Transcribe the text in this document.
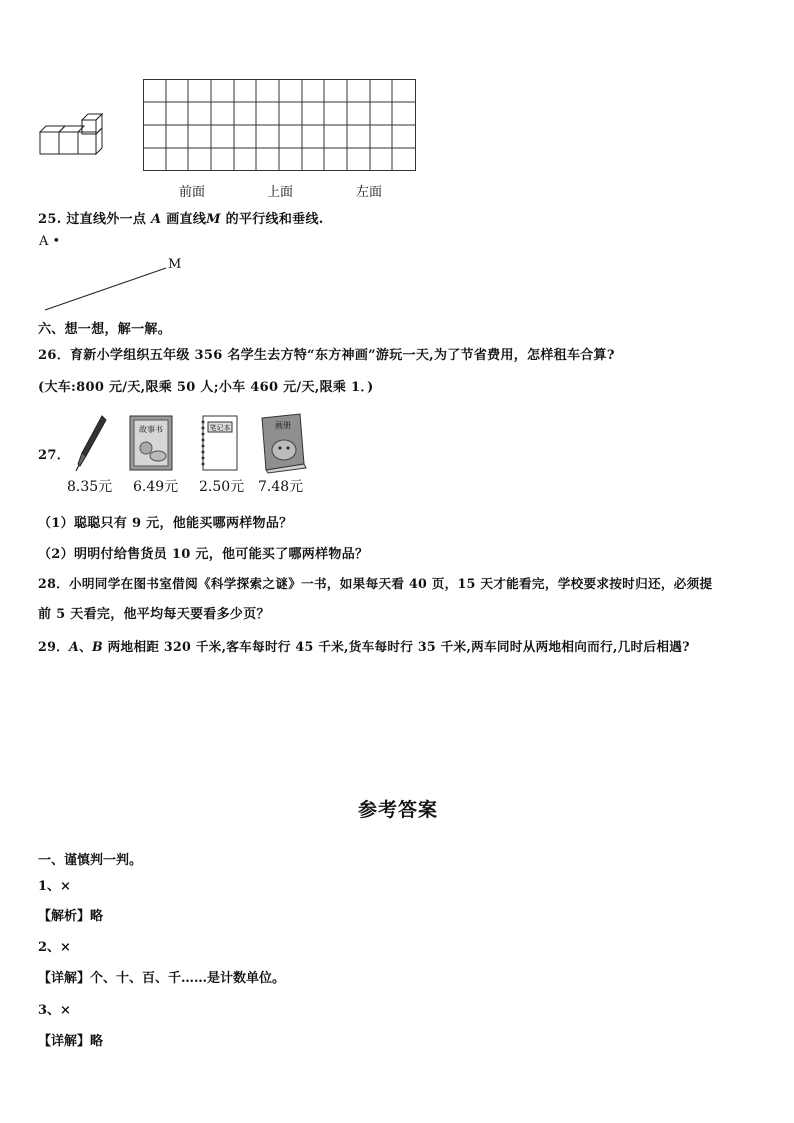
前面	上面	左面
25. 过直线外一点 A 画直线M 的平行线和垂线.
A •
M
六、想一想，解一解。
26．育新小学组织五年级 356 名学生去方特“东方神画”游玩一天,为了节省费用，怎样租车合算?
(大车:800 元/天,限乘 50 人;小车 460 元/天,限乘 1．)
27．
故事书	笔记本	画册
8.35元 6.49元 2.50元 7.48元
（1）聪聪只有 9 元，他能买哪两样物品？
（2）明明付给售货员 10 元，他可能买了哪两样物品？
28．小明同学在图书室借阅《科学探索之谜》一书，如果每天看 40 页，15 天才能看完，学校要求按时归还，必须提
前 5 天看完，他平均每天要看多少页？
29．A、B 两地相距 320 千米,客车每时行 45 千米,货车每时行 35 千米,两车同时从两地相向而行,几时后相遇?
参考答案
一、谨慎判一判。
1、×
【解析】略
2、×
【详解】个、十、百、千……是计数单位。
3、×
【详解】略
